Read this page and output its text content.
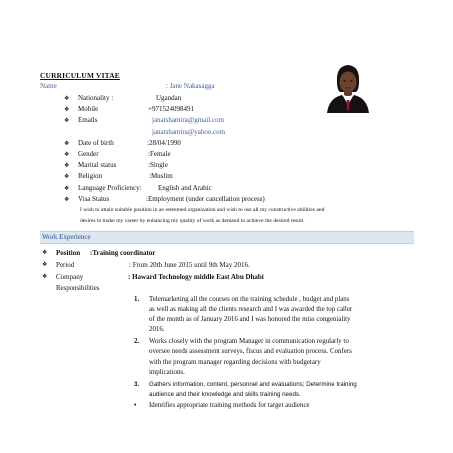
CURRICULUM VITAE
Name	: Jane Nakasagga
❖ Nationality :	Ugandan
❖ Mobile	+971524098491
❖ Emails	janatshamira@gmail.com
janatshamira@yahoo.com
❖ Date of birth	:28/04/1990
❖ Gender	:Female
❖ Marital status	:Single
❖ Religion	:Muslim
❖ Language Proficiency: English and Arabic
❖ Visa Status	:Employment (under cancellation process)
I wish to attain suitable position in an esteemed organization and wish to use all my constructive abilities and
desires to make my career by enhancing my quality of work as demand to achieve the desired result.
Work Experience
❖ Position :Training coordinator
❖ Period	: From 20th June 2015 until 9th May 2016.
❖ Company	: Haward Technology middle East Abu Dhabi
Responsibilities
1. Telemarketing all the courses on the training schedule , budget and plans

as well as making all the clients research and I was awarded the top caller

of the month as of January 2016 and I was honored the miss congeniality

2016.

2. Works closely with the program Manager in communication regularly to

oversee needs assessment surveys, fiscus and evaluation process. Confers

with the program manager regarding decisions with budgetary

implications.

3. Gathers information, content, personnel and evaluations; Determine training

audience and their knowledge and skills training needs.

• Identifies appropriate training methods for target audience
